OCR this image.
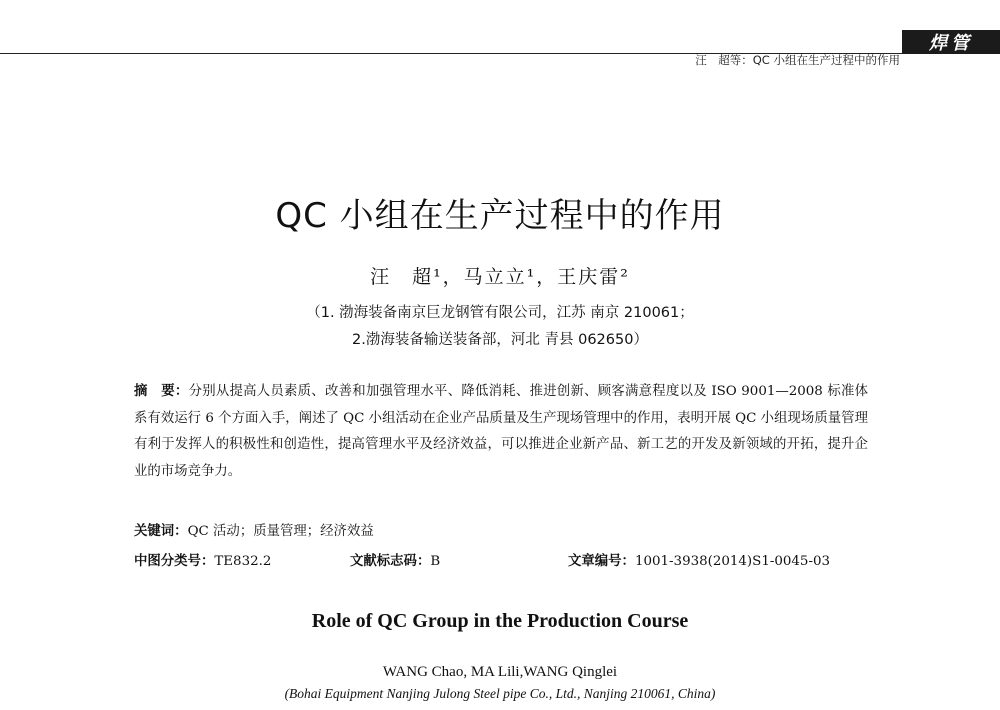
焊管
汪　超等：QC 小组在生产过程中的作用
QC 小组在生产过程中的作用
汪　超¹，马立立¹，王庆雷²
（1. 渤海装备南京巨龙钢管有限公司，江苏 南京 210061；
2.渤海装备输送装备部，河北 青县 062650）
摘　要：分别从提高人员素质、改善和加强管理水平、降低消耗、推进创新、顾客满意程度以及 ISO 9001—2008 标准体系有效运行 6 个方面入手，阐述了 QC 小组活动在企业产品质量及生产现场管理中的作用，表明开展 QC 小组现场质量管理有利于发挥人的积极性和创造性，提高管理水平及经济效益，可以推进企业新产品、新工艺的开发及新领域的开拓，提升企业的市场竞争力。
关键词：QC 活动；质量管理；经济效益
中图分类号：TE832.2	文献标志码：B	文章编号：1001-3938(2014)S1-0045-03
Role of QC Group in the Production Course
WANG Chao, MA Lili,WANG Qinglei
(Bohai Equipment Nanjing Julong Steel pipe Co., Ltd., Nanjing 210061, China)
